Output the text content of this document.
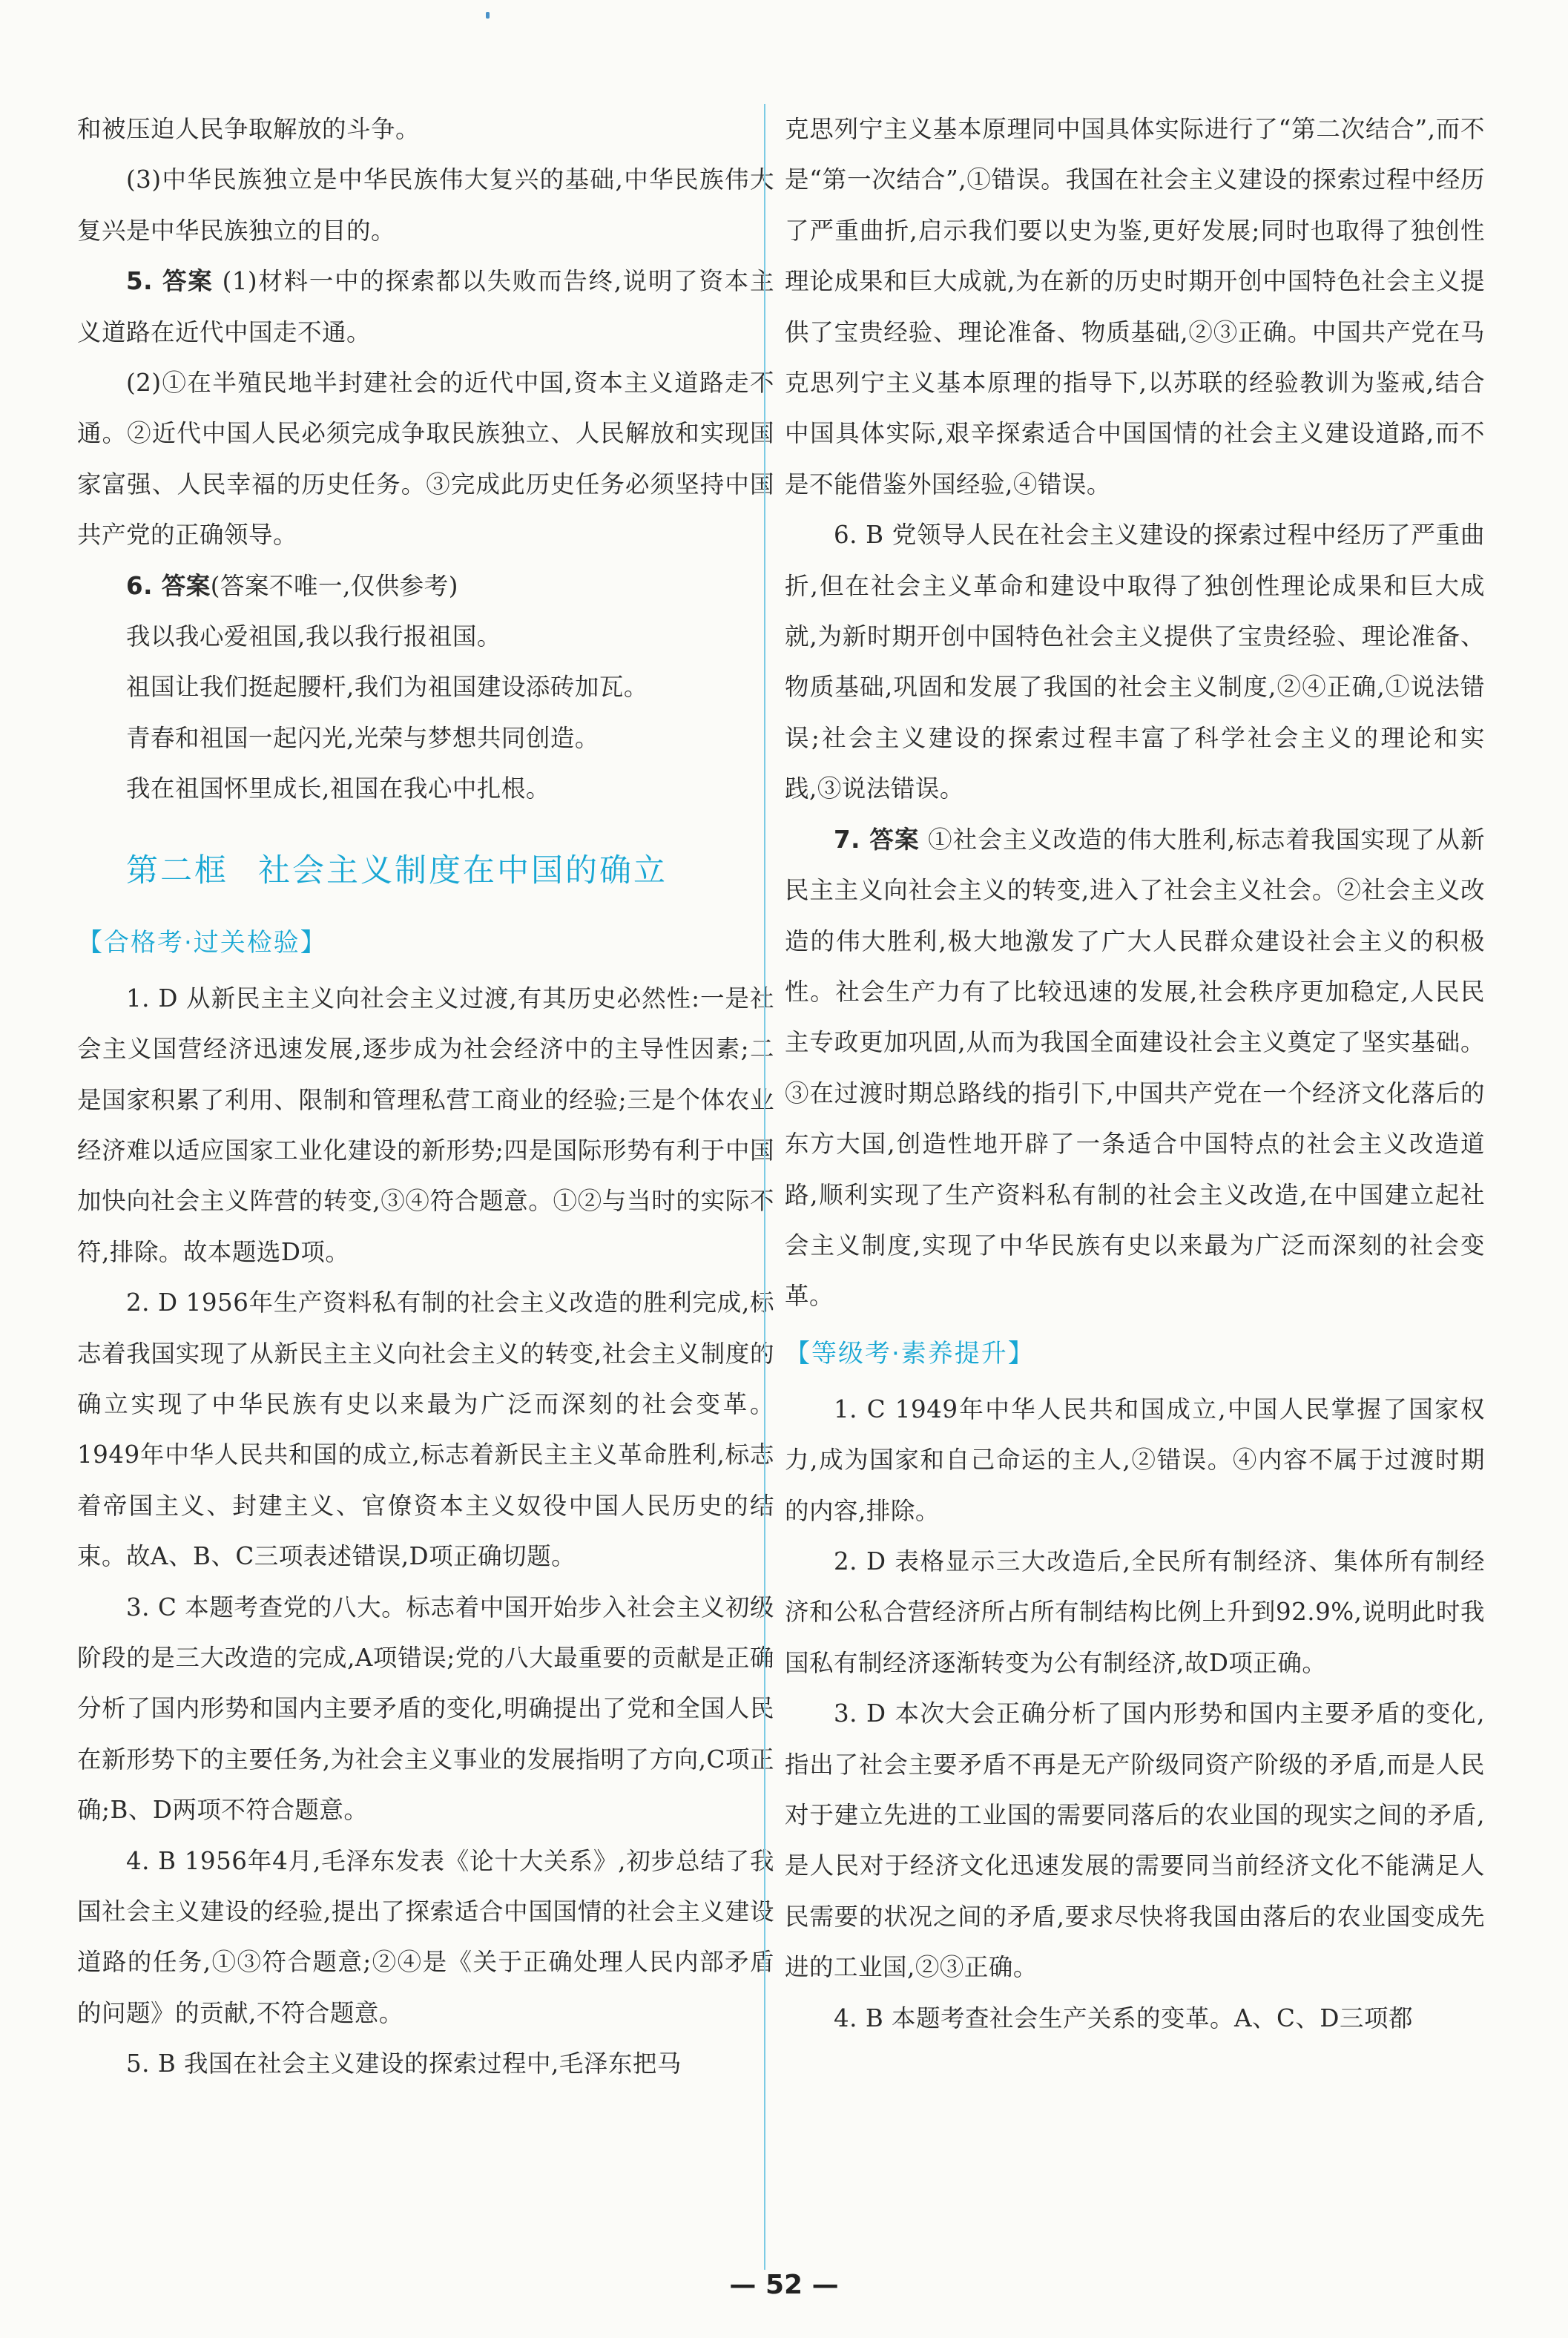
和被压迫人民争取解放的斗争。

(3)中华民族独立是中华民族伟大复兴的基础,中华民族伟大复兴是中华民族独立的目的。

5. 答案 (1)材料一中的探索都以失败而告终,说明了资本主义道路在近代中国走不通。

(2)①在半殖民地半封建社会的近代中国,资本主义道路走不通。②近代中国人民必须完成争取民族独立、人民解放和实现国家富强、人民幸福的历史任务。③完成此历史任务必须坚持中国共产党的正确领导。

6. 答案(答案不唯一,仅供参考)

我以我心爱祖国,我以我行报祖国。

祖国让我们挺起腰杆,我们为祖国建设添砖加瓦。

青春和祖国一起闪光,光荣与梦想共同创造。

我在祖国怀里成长,祖国在我心中扎根。

第二框 社会主义制度在中国的确立
【合格考·过关检验】

1. D 从新民主主义向社会主义过渡,有其历史必然性:一是社会主义国营经济迅速发展,逐步成为社会经济中的主导性因素;二是国家积累了利用、限制和管理私营工商业的经验;三是个体农业经济难以适应国家工业化建设的新形势;四是国际形势有利于中国加快向社会主义阵营的转变,③④符合题意。①②与当时的实际不符,排除。故本题选D项。

2. D 1956年生产资料私有制的社会主义改造的胜利完成,标志着我国实现了从新民主主义向社会主义的转变,社会主义制度的确立实现了中华民族有史以来最为广泛而深刻的社会变革。1949年中华人民共和国的成立,标志着新民主主义革命胜利,标志着帝国主义、封建主义、官僚资本主义奴役中国人民历史的结束。故A、B、C三项表述错误,D项正确切题。

3. C 本题考查党的八大。标志着中国开始步入社会主义初级阶段的是三大改造的完成,A项错误;党的八大最重要的贡献是正确分析了国内形势和国内主要矛盾的变化,明确提出了党和全国人民在新形势下的主要任务,为社会主义事业的发展指明了方向,C项正确;B、D两项不符合题意。

4. B 1956年4月,毛泽东发表《论十大关系》,初步总结了我国社会主义建设的经验,提出了探索适合中国国情的社会主义建设道路的任务,①③符合题意;②④是《关于正确处理人民内部矛盾的问题》的贡献,不符合题意。

5. B 我国在社会主义建设的探索过程中,毛泽东把马

克思列宁主义基本原理同中国具体实际进行了“第二次结合”,而不是“第一次结合”,①错误。我国在社会主义建设的探索过程中经历了严重曲折,启示我们要以史为鉴,更好发展;同时也取得了独创性理论成果和巨大成就,为在新的历史时期开创中国特色社会主义提供了宝贵经验、理论准备、物质基础,②③正确。中国共产党在马克思列宁主义基本原理的指导下,以苏联的经验教训为鉴戒,结合中国具体实际,艰辛探索适合中国国情的社会主义建设道路,而不是不能借鉴外国经验,④错误。

6. B 党领导人民在社会主义建设的探索过程中经历了严重曲折,但在社会主义革命和建设中取得了独创性理论成果和巨大成就,为新时期开创中国特色社会主义提供了宝贵经验、理论准备、物质基础,巩固和发展了我国的社会主义制度,②④正确,①说法错误;社会主义建设的探索过程丰富了科学社会主义的理论和实践,③说法错误。

7. 答案 ①社会主义改造的伟大胜利,标志着我国实现了从新民主主义向社会主义的转变,进入了社会主义社会。②社会主义改造的伟大胜利,极大地激发了广大人民群众建设社会主义的积极性。社会生产力有了比较迅速的发展,社会秩序更加稳定,人民民主专政更加巩固,从而为我国全面建设社会主义奠定了坚实基础。③在过渡时期总路线的指引下,中国共产党在一个经济文化落后的东方大国,创造性地开辟了一条适合中国特点的社会主义改造道路,顺利实现了生产资料私有制的社会主义改造,在中国建立起社会主义制度,实现了中华民族有史以来最为广泛而深刻的社会变革。

【等级考·素养提升】

1. C 1949年中华人民共和国成立,中国人民掌握了国家权力,成为国家和自己命运的主人,②错误。④内容不属于过渡时期的内容,排除。

2. D 表格显示三大改造后,全民所有制经济、集体所有制经济和公私合营经济所占所有制结构比例上升到92.9%,说明此时我国私有制经济逐渐转变为公有制经济,故D项正确。

3. D 本次大会正确分析了国内形势和国内主要矛盾的变化,指出了社会主要矛盾不再是无产阶级同资产阶级的矛盾,而是人民对于建立先进的工业国的需要同落后的农业国的现实之间的矛盾,是人民对于经济文化迅速发展的需要同当前经济文化不能满足人民需要的状况之间的矛盾,要求尽快将我国由落后的农业国变成先进的工业国,②③正确。

4. B 本题考查社会生产关系的变革。A、C、D三项都

— 52 —
